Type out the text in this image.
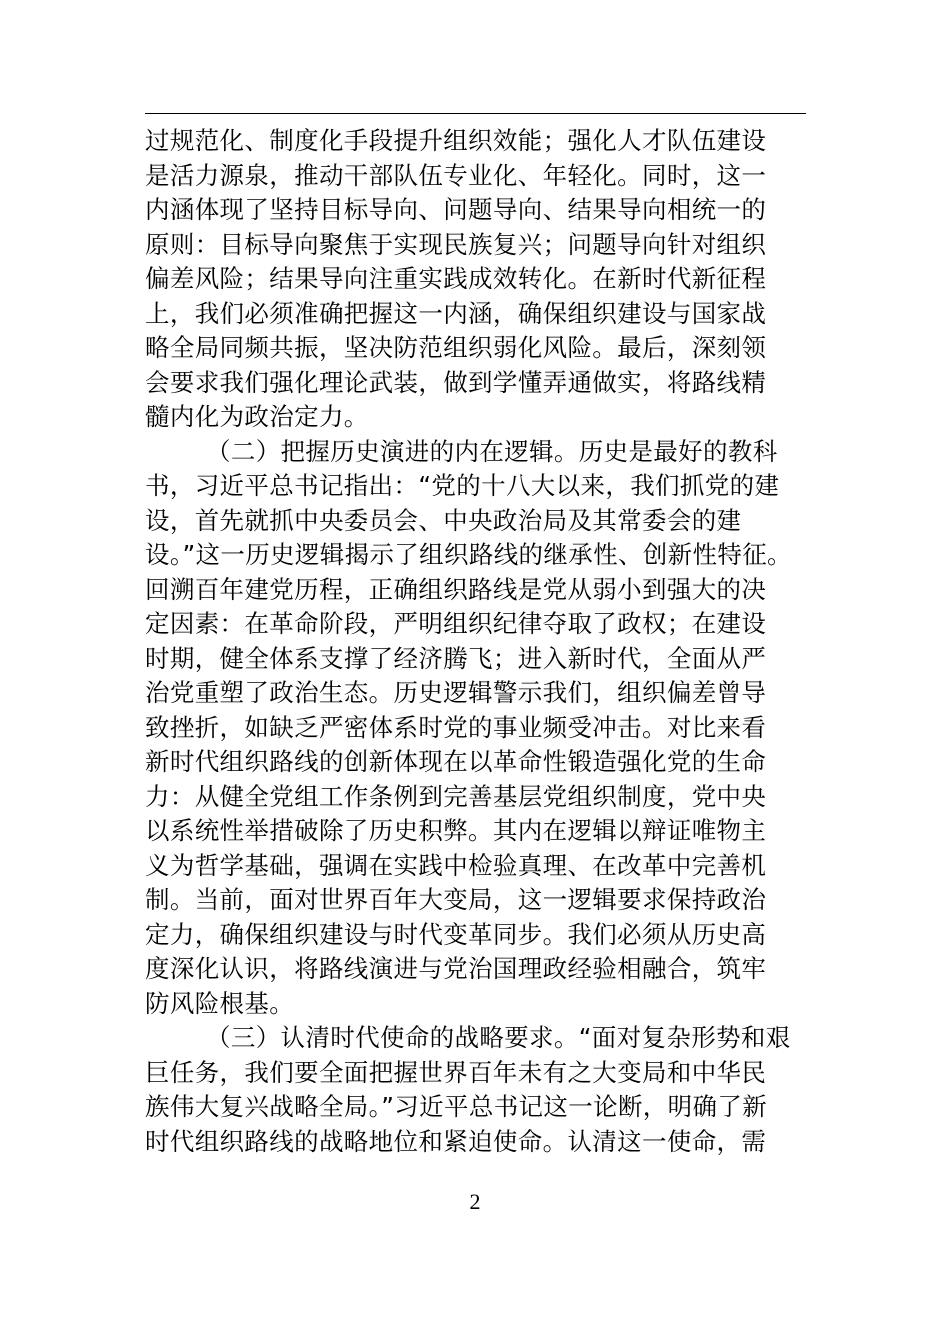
过规范化、制度化手段提升组织效能；强化人才队伍建设
是活力源泉，推动干部队伍专业化、年轻化。同时，这一
内涵体现了坚持目标导向、问题导向、结果导向相统一的
原则：目标导向聚焦于实现民族复兴；问题导向针对组织
偏差风险；结果导向注重实践成效转化。在新时代新征程
上，我们必须准确把握这一内涵，确保组织建设与国家战
略全局同频共振，坚决防范组织弱化风险。最后，深刻领
会要求我们强化理论武装，做到学懂弄通做实，将路线精
髓内化为政治定力。
（二）把握历史演进的内在逻辑。历史是最好的教科
书，习近平总书记指出：“党的十八大以来，我们抓党的建
设，首先就抓中央委员会、中央政治局及其常委会的建
设。”这一历史逻辑揭示了组织路线的继承性、创新性特征。
回溯百年建党历程，正确组织路线是党从弱小到强大的决
定因素：在革命阶段，严明组织纪律夺取了政权；在建设
时期，健全体系支撑了经济腾飞；进入新时代，全面从严
治党重塑了政治生态。历史逻辑警示我们，组织偏差曾导
致挫折，如缺乏严密体系时党的事业频受冲击。对比来看
新时代组织路线的创新体现在以革命性锻造强化党的生命
力：从健全党组工作条例到完善基层党组织制度，党中央
以系统性举措破除了历史积弊。其内在逻辑以辩证唯物主
义为哲学基础，强调在实践中检验真理、在改革中完善机
制。当前，面对世界百年大变局，这一逻辑要求保持政治
定力，确保组织建设与时代变革同步。我们必须从历史高
度深化认识，将路线演进与党治国理政经验相融合，筑牢
防风险根基。
（三）认清时代使命的战略要求。“面对复杂形势和艰
巨任务，我们要全面把握世界百年未有之大变局和中华民
族伟大复兴战略全局。”习近平总书记这一论断，明确了新
时代组织路线的战略地位和紧迫使命。认清这一使命，需
2
